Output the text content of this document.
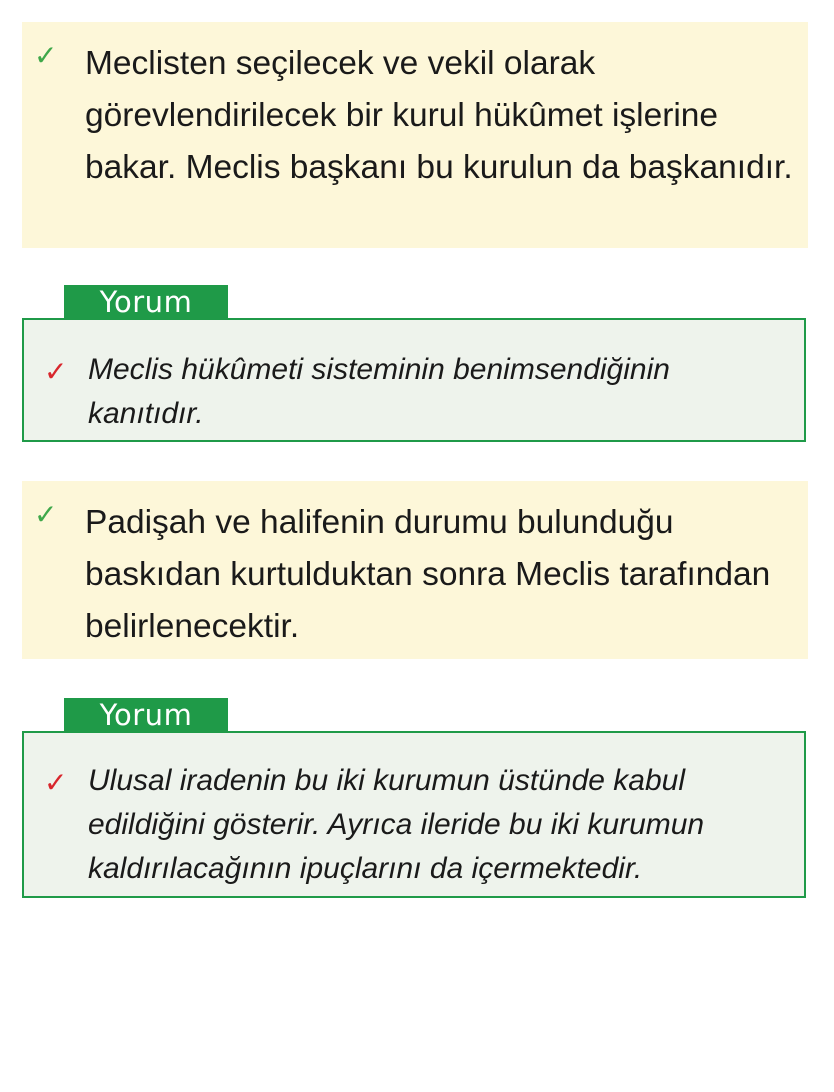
✓ Meclisten seçilecek ve vekil olarak görevlendirilecek bir kurul hükûmet işlerine bakar. Meclis başkanı bu kurulun da başkanıdır.

Yorum
✓ Meclis hükûmeti sisteminin benimsendiğinin kanıtıdır.

✓ Padişah ve halifenin durumu bulunduğu baskıdan kurtulduktan sonra Meclis tarafından belirlenecektir.

Yorum
✓ Ulusal iradenin bu iki kurumun üstünde kabul edildiğini gösterir. Ayrıca ileride bu iki kurumun kaldırılacağının ipuçlarını da içermektedir.
